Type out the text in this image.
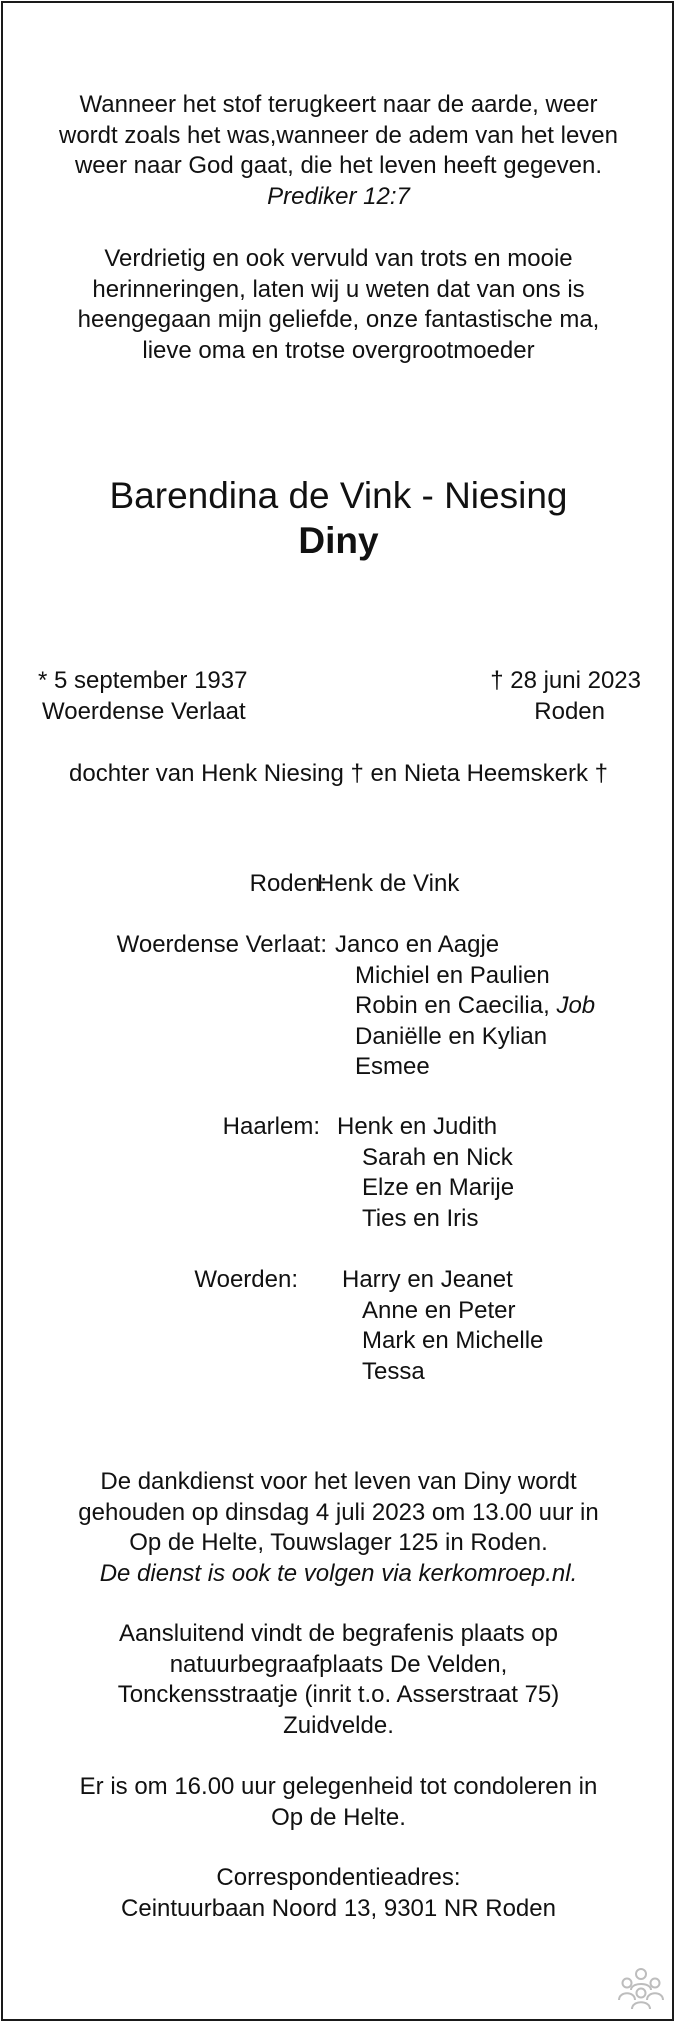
Wanneer het stof terugkeert naar de aarde, weer
wordt zoals het was,wanneer de adem van het leven
weer naar God gaat, die het leven heeft gegeven.
Prediker 12:7
Verdrietig en ook vervuld van trots en mooie
herinneringen, laten wij u weten dat van ons is
heengegaan mijn geliefde, onze fantastische ma,
lieve oma en trotse overgrootmoeder
Barendina de Vink - Niesing
Diny
* 5 september 1937
Woerdense Verlaat
† 28 juni 2023
Roden
dochter van Henk Niesing † en Nieta Heemskerk †
Roden:
Henk de Vink
Woerdense Verlaat: Janco en Aagje
Michiel en Paulien
Robin en Caecilia, Job
Daniëlle en Kylian
Esmee
Haarlem: Henk en Judith
Sarah en Nick
Elze en Marije
Ties en Iris
Woerden: Harry en Jeanet
Anne en Peter
Mark en Michelle
Tessa
De dankdienst voor het leven van Diny wordt
gehouden op dinsdag 4 juli 2023 om 13.00 uur in
Op de Helte, Touwslager 125 in Roden.
De dienst is ook te volgen via kerkomroep.nl.
Aansluitend vindt de begrafenis plaats op
natuurbegraafplaats De Velden,
Tonckensstraatje (inrit t.o. Asserstraat 75)
Zuidvelde.
Er is om 16.00 uur gelegenheid tot condoleren in
Op de Helte.
Correspondentieadres:
Ceintuurbaan Noord 13, 9301 NR Roden
